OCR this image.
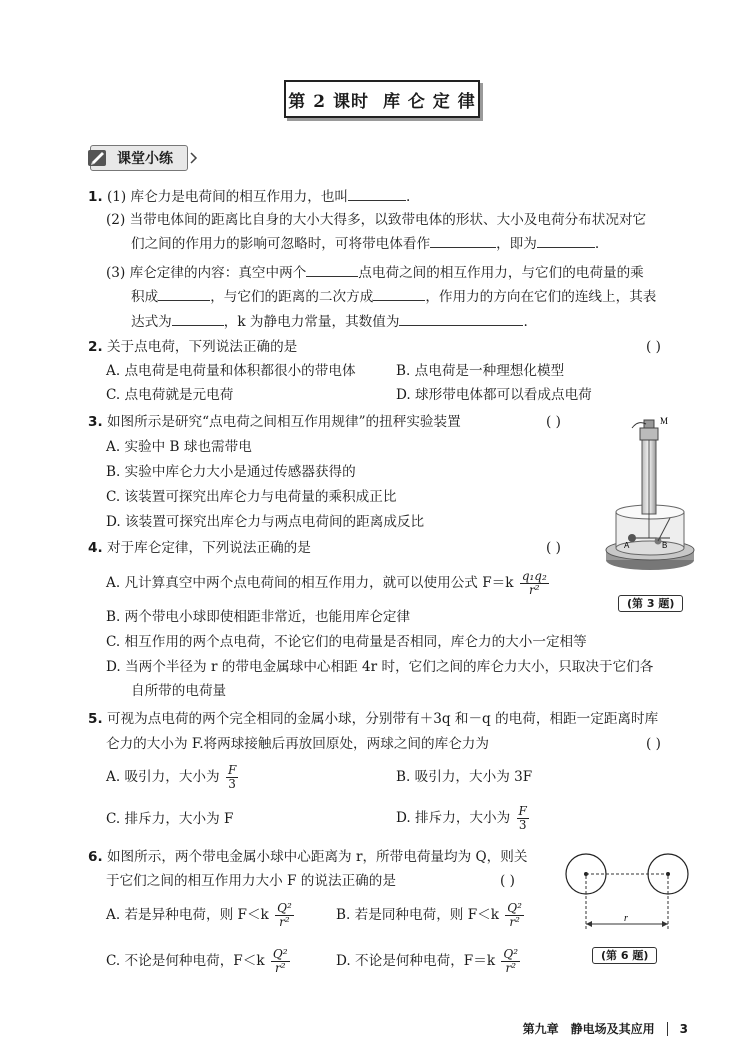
第 2 课时 库 仑 定 律
课堂小练
1. (1) 库仑力是电荷间的相互作用力，也叫	.
(2) 当带电体间的距离比自身的大小大得多，以致带电体的形状、大小及电荷分布状况对它
们之间的作用力的影响可忽略时，可将带电体看作	，即为	.
(3) 库仑定律的内容：真空中两个	点电荷之间的相互作用力，与它们的电荷量的乘
积成	，与它们的距离的二次方成	，作用力的方向在它们的连线上，其表
达式为	，k 为静电力常量，其数值为	.
2. 关于点电荷，下列说法正确的是	( )
A. 点电荷是电荷量和体积都很小的带电体	B. 点电荷是一种理想化模型
C. 点电荷就是元电荷	D. 球形带电体都可以看成点电荷
3. 如图所示是研究“点电荷之间相互作用规律”的扭秤实验装置	( )
A. 实验中 B 球也需带电
B. 实验中库仑力大小是通过传感器获得的
C. 该装置可探究出库仑力与电荷量的乘积成正比
D. 该装置可探究出库仑力与两点电荷间的距离成反比
M
A	B
(第 3 题)
4. 对于库仑定律，下列说法正确的是	( )
A. 凡计算真空中两个点电荷间的相互作用力，就可以使用公式 $F=k \frac{\text{q₁q₂}}{\text{r²}}$
B. 两个带电小球即使相距非常近，也能用库仑定律
C. 相互作用的两个点电荷，不论它们的电荷量是否相同，库仑力的大小一定相等
D. 当两个半径为 r 的带电金属球中心相距 4r 时，它们之间的库仑力大小，只取决于它们各
自所带的电荷量
5. 可视为点电荷的两个完全相同的金属小球，分别带有＋3q 和－q 的电荷，相距一定距离时库
仑力的大小为 F.将两球接触后再放回原处，两球之间的库仑力为	( )
A. 吸引力，大小为 $\frac{F}{3}$	B. 吸引力，大小为 3F
C. 排斥力，大小为 F	D. 排斥力，大小为 $\frac{F}{3}$
6. 如图所示，两个带电金属小球中心距离为 r，所带电荷量均为 Q，则关
于它们之间的相互作用力大小 F 的说法正确的是	( )
A. 若是异种电荷，则 $F<k \frac{\text{Q²}}{\text{r²}}$	B. 若是同种电荷，则 $F<k \frac{\text{Q²}}{\text{r²}}$
C. 不论是何种电荷，$F<k \frac{\text{Q²}}{\text{r²}}$	D. 不论是何种电荷，$F=k \frac{\text{Q²}}{\text{r²}}$
r
(第 6 题)
第九章 静电场及其应用 3
